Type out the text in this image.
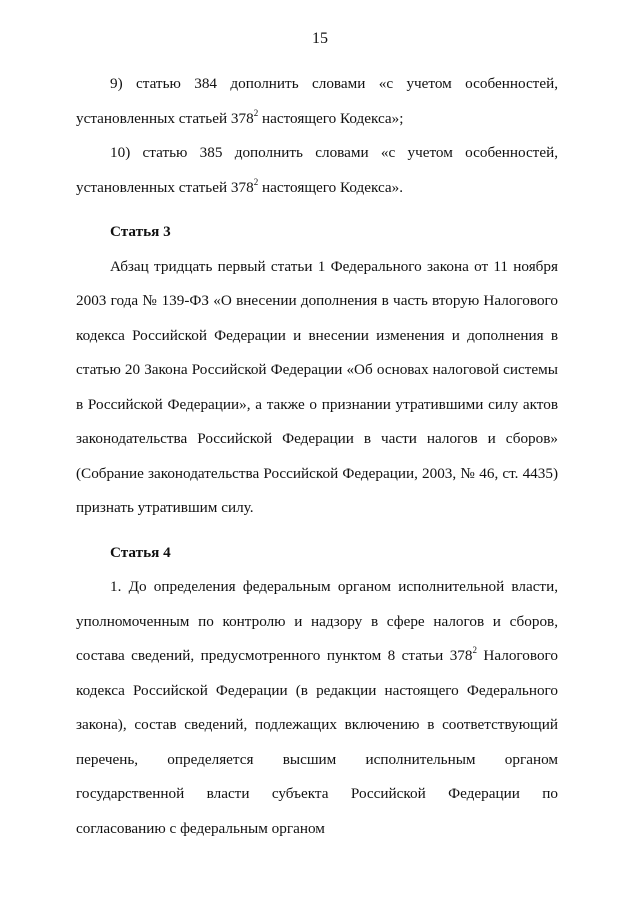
15

9) статью 384 дополнить словами «с учетом особенностей, установленных статьей $378^2$ настоящего Кодекса»;

10) статью 385 дополнить словами «с учетом особенностей, установленных статьей $378^2$ настоящего Кодекса».

Статья 3

Абзац тридцать первый статьи 1 Федерального закона от 11 ноября 2003 года № 139-ФЗ «О внесении дополнения в часть вторую Налогового кодекса Российской Федерации и внесении изменения и дополнения в статью 20 Закона Российской Федерации «Об основах налоговой системы в Российской Федерации», а также о признании утратившими силу актов законодательства Российской Федерации в части налогов и сборов» (Собрание законодательства Российской Федерации, 2003, № 46, ст. 4435) признать утратившим силу.

Статья 4

1. До определения федеральным органом исполнительной власти, уполномоченным по контролю и надзору в сфере налогов и сборов, состава сведений, предусмотренного пунктом 8 статьи $378^2$ Налогового кодекса Российской Федерации (в редакции настоящего Федерального закона), состав сведений, подлежащих включению в соответствующий перечень, определяется высшим исполнительным органом государственной власти субъекта Российской Федерации по согласованию с федеральным органом
